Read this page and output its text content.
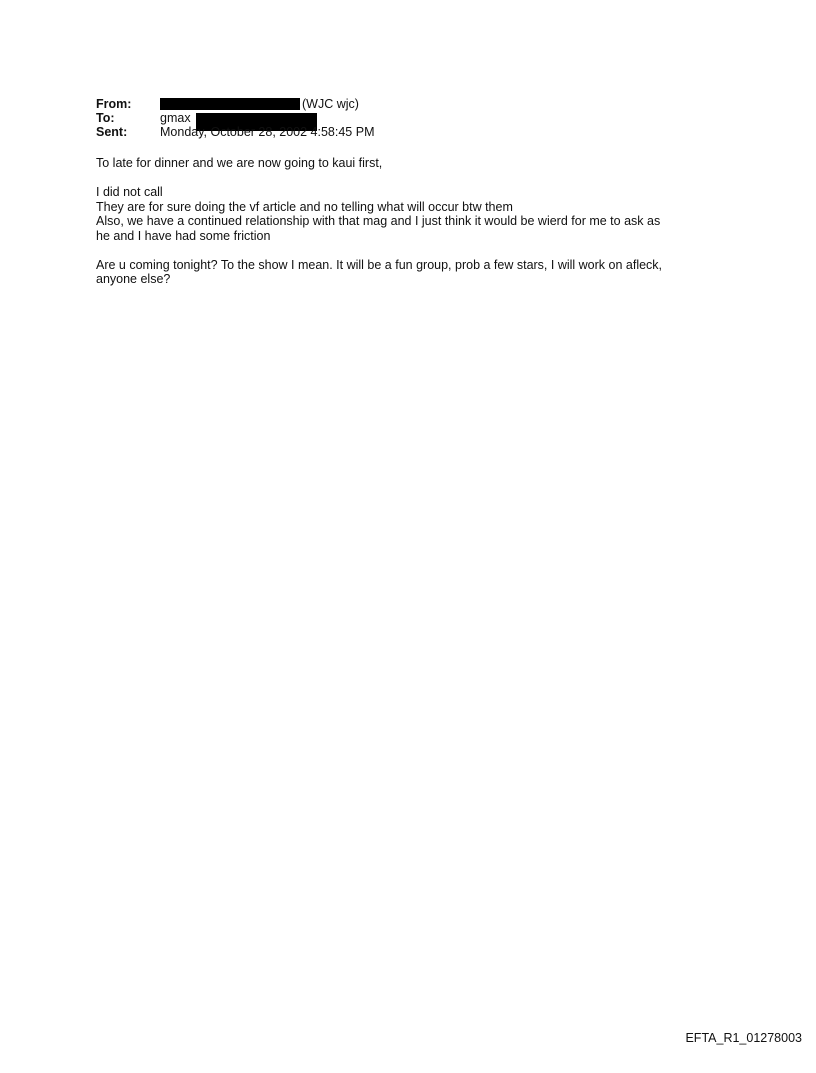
From:	(WJC wjc)
To:	gmax
Sent:	Monday, October 28, 2002 4:58:45 PM

To late for dinner and we are now going to kaui first,

I did not call
They are for sure doing the vf article and no telling what will occur btw them
Also, we have a continued relationship with that mag and I just think it would be wierd for me to ask as
he and I have had some friction

Are u coming tonight? To the show I mean. It will be a fun group, prob a few stars, I will work on afleck,
anyone else?

EFTA_R1_01278003
